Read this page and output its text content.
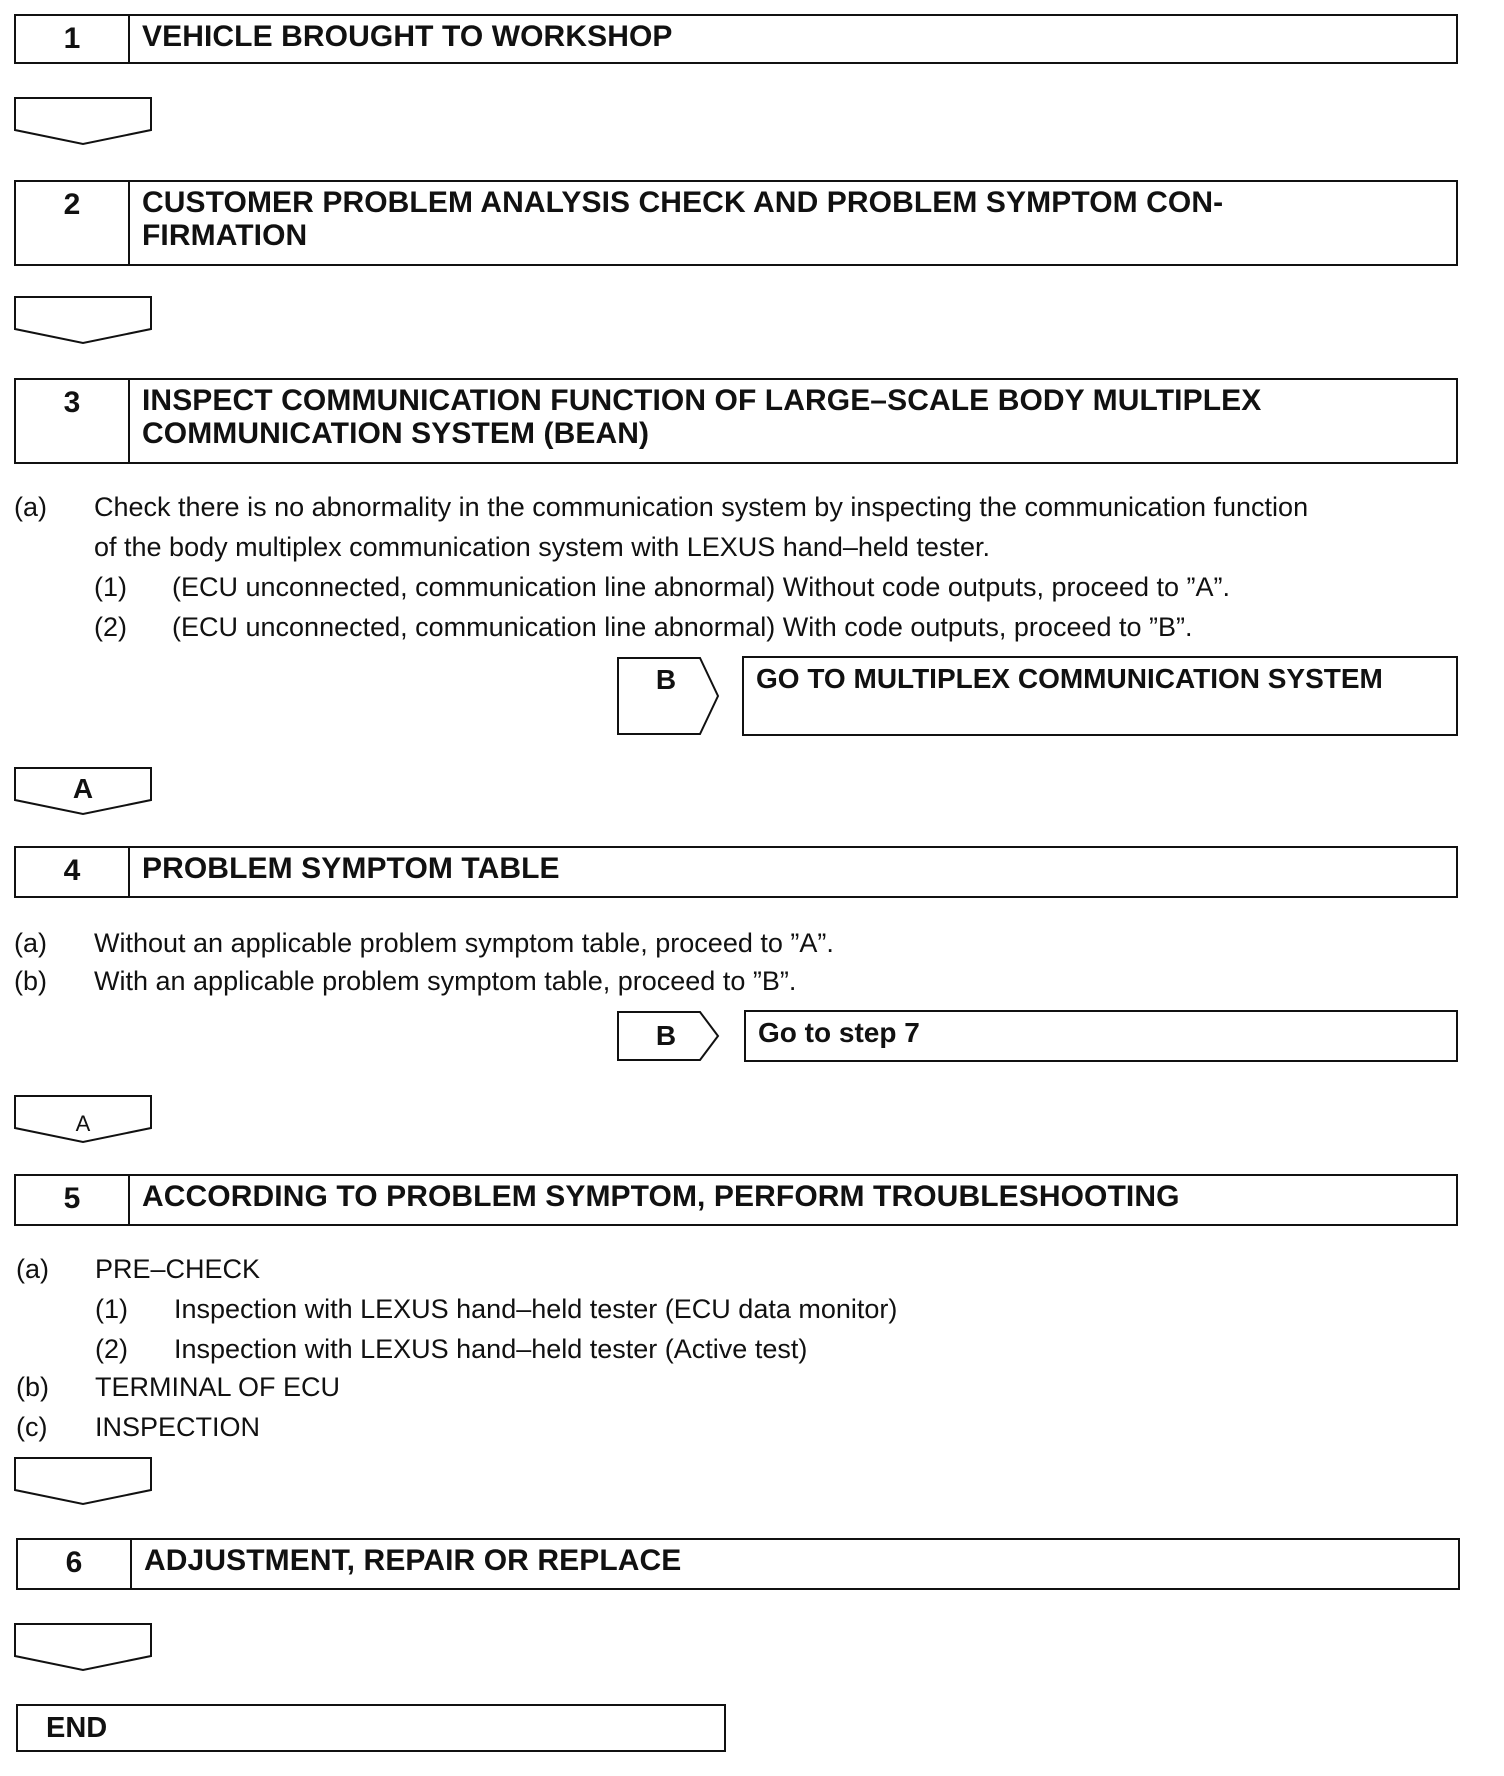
1	VEHICLE BROUGHT TO WORKSHOP
2	CUSTOMER PROBLEM ANALYSIS CHECK AND PROBLEM SYMPTOM CON- FIRMATION
3	INSPECT COMMUNICATION FUNCTION OF LARGE–SCALE BODY MULTIPLEX COMMUNICATION SYSTEM (BEAN)
(a) Check there is no abnormality in the communication system by inspecting the communication function
of the body multiplex communication system with LEXUS hand–held tester.
(1) (ECU unconnected, communication line abnormal) Without code outputs, proceed to ”A”.
(2) (ECU unconnected, communication line abnormal) With code outputs, proceed to ”B”.
B	GO TO MULTIPLEX COMMUNICATION SYSTEM
A
4	PROBLEM SYMPTOM TABLE
(a) Without an applicable problem symptom table, proceed to ”A”.
(b) With an applicable problem symptom table, proceed to ”B”.
B	Go to step 7
A
5	ACCORDING TO PROBLEM SYMPTOM, PERFORM TROUBLESHOOTING
(a) PRE–CHECK
(1) Inspection with LEXUS hand–held tester (ECU data monitor)
(2) Inspection with LEXUS hand–held tester (Active test)
(b) TERMINAL OF ECU
(c) INSPECTION
6	ADJUSTMENT, REPAIR OR REPLACE
END
